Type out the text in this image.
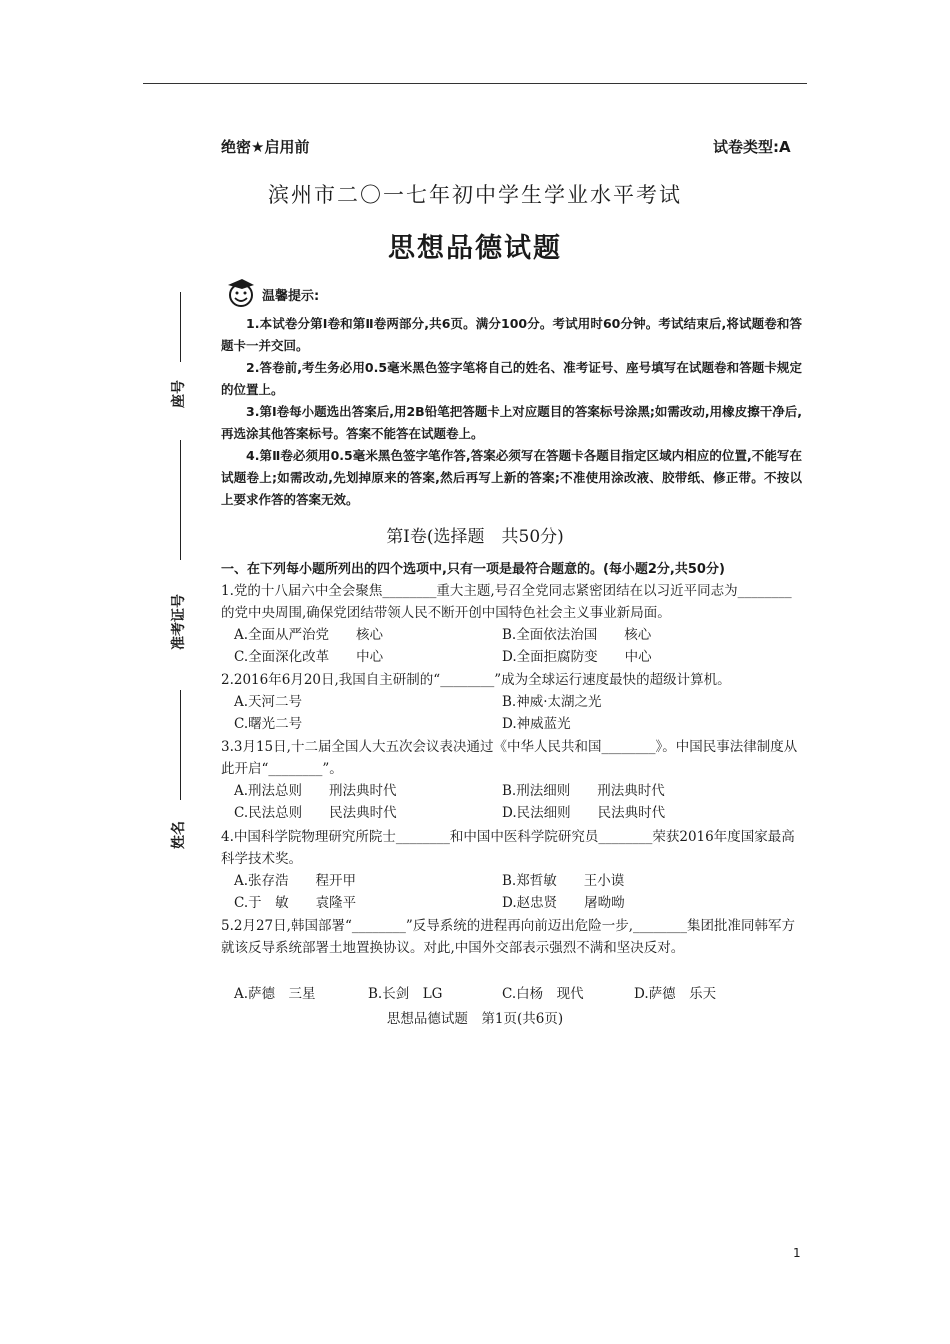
座号
准考证号
姓名
绝密★启用前	试卷类型:A
滨州市二〇一七年初中学生学业水平考试
思想品德试题
温馨提示:

1.本试卷分第Ⅰ卷和第Ⅱ卷两部分,共6页。满分100分。考试用时60分钟。考试结束后,将试题卷和答题卡一并交回。

2.答卷前,考生务必用0.5毫米黑色签字笔将自己的姓名、准考证号、座号填写在试题卷和答题卡规定的位置上。

3.第Ⅰ卷每小题选出答案后,用2B铅笔把答题卡上对应题目的答案标号涂黑;如需改动,用橡皮擦干净后,再选涂其他答案标号。答案不能答在试题卷上。

4.第Ⅱ卷必须用0.5毫米黑色签字笔作答,答案必须写在答题卡各题目指定区域内相应的位置,不能写在试题卷上;如需改动,先划掉原来的答案,然后再写上新的答案;不准使用涂改液、胶带纸、修正带。不按以上要求作答的答案无效。

第Ⅰ卷(选择题　共50分)
一、在下列每小题所列出的四个选项中,只有一项是最符合题意的。(每小题2分,共50分)

1.党的十八届六中全会聚焦________重大主题,号召全党同志紧密团结在以习近平同志为________的党中央周围,确保党团结带领人民不断开创中国特色社会主义事业新局面。

A.全面从严治党　　核心	B.全面依法治国　　核心
C.全面深化改革　　中心	D.全面拒腐防变　　中心

2.2016年6月20日,我国自主研制的“________”成为全球运行速度最快的超级计算机。

A.天河二号	B.神威·太湖之光
C.曙光二号	D.神威蓝光

3.3月15日,十二届全国人大五次会议表决通过《中华人民共和国________》。中国民事法律制度从此开启“________”。

A.刑法总则　　刑法典时代	B.刑法细则　　刑法典时代
C.民法总则　　民法典时代	D.民法细则　　民法典时代

4.中国科学院物理研究所院士________和中国中医科学院研究员________荣获2016年度国家最高科学技术奖。

A.张存浩　　程开甲	B.郑哲敏　　王小谟
C.于　敏　　袁隆平	D.赵忠贤　　屠呦呦

5.2月27日,韩国部署“________”反导系统的进程再向前迈出危险一步,________集团批准同韩军方就该反导系统部署土地置换协议。对此,中国外交部表示强烈不满和坚决反对。

A.萨德　三星	B.长剑　LG	C.白杨　现代	D.萨德　乐天
思想品德试题　第1页(共6页)
1
